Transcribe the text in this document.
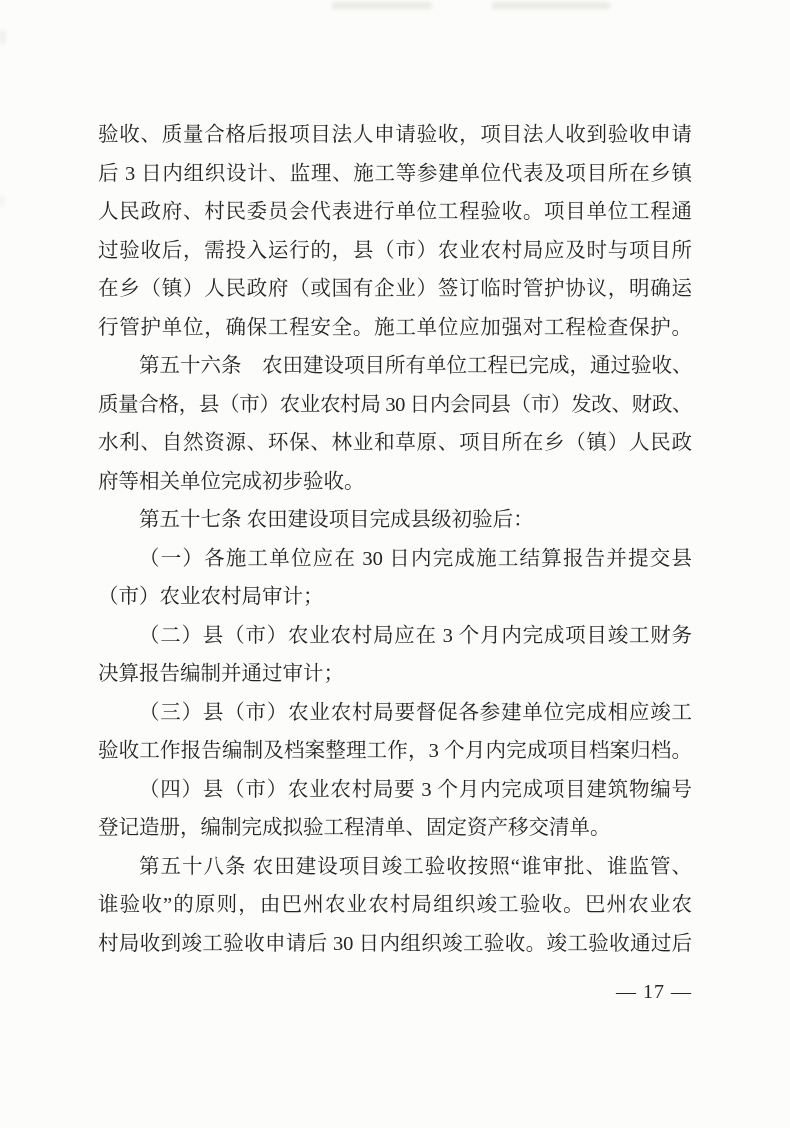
验收、质量合格后报项目法人申请验收，项目法人收到验收申请
后 3 日内组织设计、监理、施工等参建单位代表及项目所在乡镇
人民政府、村民委员会代表进行单位工程验收。项目单位工程通
过验收后，需投入运行的，县（市）农业农村局应及时与项目所
在乡（镇）人民政府（或国有企业）签订临时管护协议，明确运
行管护单位，确保工程安全。施工单位应加强对工程检查保护。
第五十六条　农田建设项目所有单位工程已完成，通过验收、
质量合格，县（市）农业农村局 30 日内会同县（市）发改、财政、
水利、自然资源、环保、林业和草原、项目所在乡（镇）人民政
府等相关单位完成初步验收。
第五十七条 农田建设项目完成县级初验后：
（一）各施工单位应在 30 日内完成施工结算报告并提交县
（市）农业农村局审计；
（二）县（市）农业农村局应在 3 个月内完成项目竣工财务
决算报告编制并通过审计；
（三）县（市）农业农村局要督促各参建单位完成相应竣工
验收工作报告编制及档案整理工作，3 个月内完成项目档案归档。
（四）县（市）农业农村局要 3 个月内完成项目建筑物编号
登记造册，编制完成拟验工程清单、固定资产移交清单。
第五十八条 农田建设项目竣工验收按照“谁审批、谁监管、
谁验收”的原则，由巴州农业农村局组织竣工验收。巴州农业农
村局收到竣工验收申请后 30 日内组织竣工验收。竣工验收通过后
— 17 —
